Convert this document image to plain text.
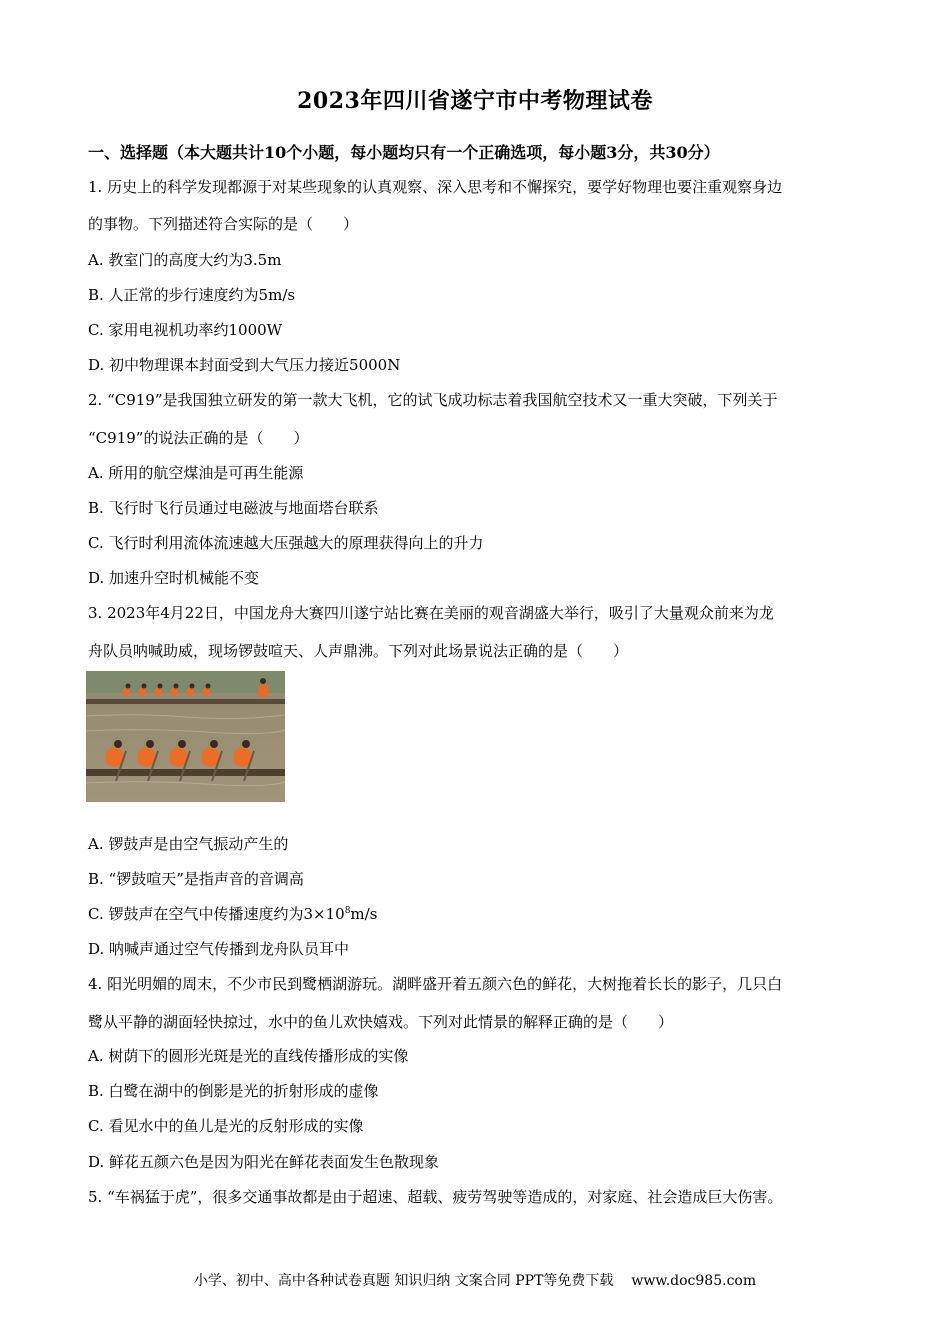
2023年四川省遂宁市中考物理试卷
一、选择题（本大题共计10个小题，每小题均只有一个正确选项，每小题3分，共30分）
1. 历史上的科学发现都源于对某些现象的认真观察、深入思考和不懈探究，要学好物理也要注重观察身边
的事物。下列描述符合实际的是（　　）
A. 教室门的高度大约为3.5m
B. 人正常的步行速度约为5m/s
C. 家用电视机功率约1000W
D. 初中物理课本封面受到大气压力接近5000N
2. “C919”是我国独立研发的第一款大飞机，它的试飞成功标志着我国航空技术又一重大突破，下列关于
“C919”的说法正确的是（　　）
A. 所用的航空煤油是可再生能源
B. 飞行时飞行员通过电磁波与地面塔台联系
C. 飞行时利用流体流速越大压强越大的原理获得向上的升力
D. 加速升空时机械能不变
3. 2023年4月22日，中国龙舟大赛四川遂宁站比赛在美丽的观音湖盛大举行，吸引了大量观众前来为龙
舟队员呐喊助威，现场锣鼓喧天、人声鼎沸。下列对此场景说法正确的是（　　）
A. 锣鼓声是由空气振动产生的
B. “锣鼓喧天”是指声音的音调高
C. 锣鼓声在空气中传播速度约为$3\times 10^8m/s$
D. 呐喊声通过空气传播到龙舟队员耳中
4. 阳光明媚的周末，不少市民到鹭栖湖游玩。湖畔盛开着五颜六色的鲜花，大树拖着长长的影子，几只白
鹭从平静的湖面轻快掠过，水中的鱼儿欢快嬉戏。下列对此情景的解释正确的是（　　）
A. 树荫下的圆形光斑是光的直线传播形成的实像
B. 白鹭在湖中的倒影是光的折射形成的虚像
C. 看见水中的鱼儿是光的反射形成的实像
D. 鲜花五颜六色是因为阳光在鲜花表面发生色散现象
5. “车祸猛于虎”，很多交通事故都是由于超速、超载、疲劳驾驶等造成的，对家庭、社会造成巨大伤害。
小学、初中、高中各种试卷真题 知识归纳 文案合同 PPT等免费下载 www.doc985.com
